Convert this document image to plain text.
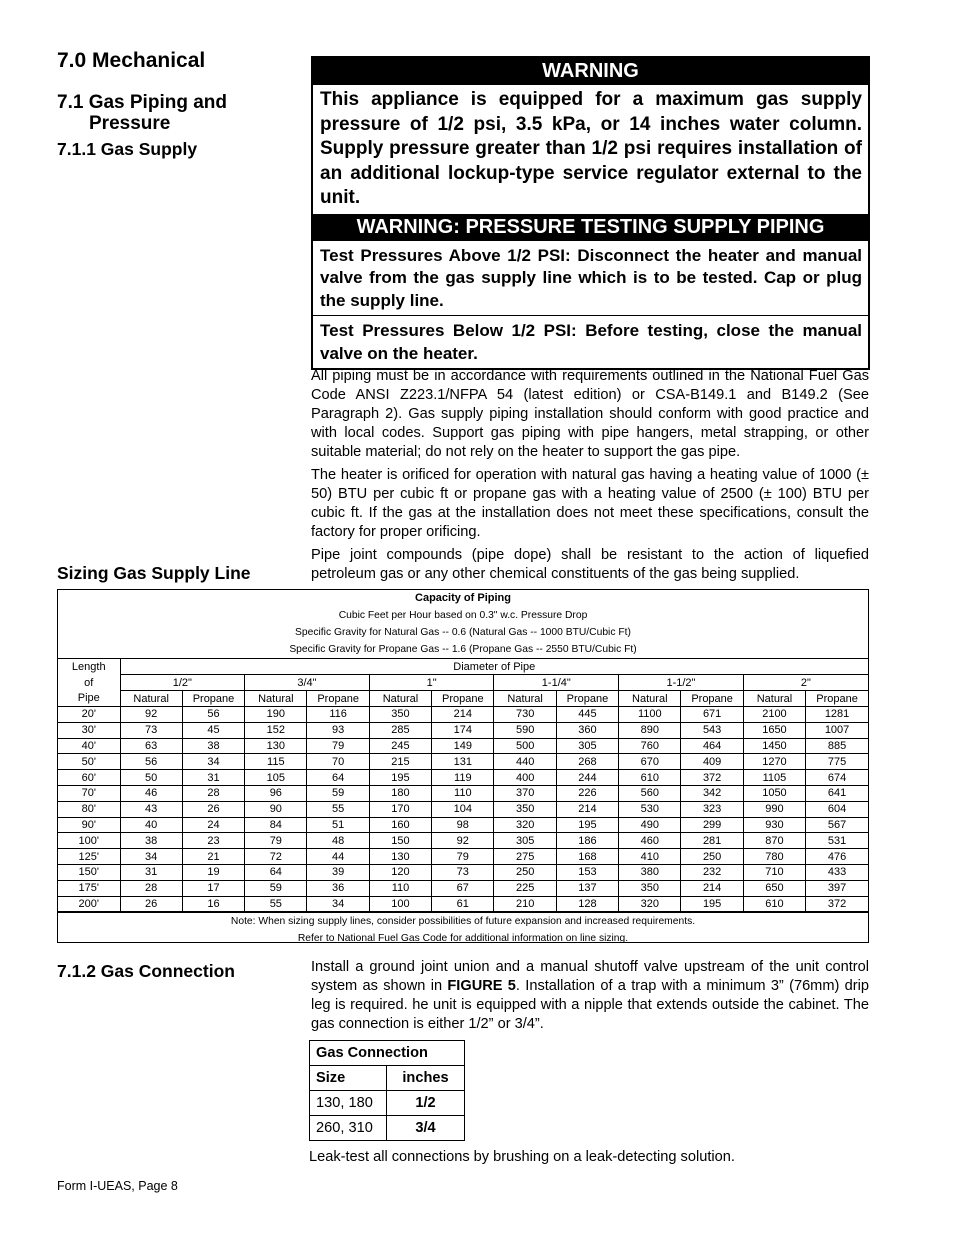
7.0 Mechanical
7.1 Gas Piping and
Pressure
7.1.1 Gas Supply
Sizing Gas Supply Line
7.1.2 Gas Connection
WARNING
This appliance is equipped for a maximum gas supply pressure of 1/2 psi, 3.5 kPa, or 14 inches water column. Supply pressure greater than 1/2 psi requires installation of an additional lockup-type service regulator external to the unit.
WARNING: PRESSURE TESTING SUPPLY PIPING
Test Pressures Above 1/2 PSI: Disconnect the heater and manual valve from the gas supply line which is to be tested. Cap or plug the supply line.
Test Pressures Below 1/2 PSI: Before testing, close the manual valve on the heater.

All piping must be in accordance with requirements outlined in the National Fuel Gas Code ANSI Z223.1/NFPA 54 (latest edition) or CSA-B149.1 and B149.2 (See Paragraph 2). Gas supply piping installation should conform with good practice and with local codes. Support gas piping with pipe hangers, metal strapping, or other suitable material; do not rely on the heater to support the gas pipe.

The heater is orificed for operation with natural gas having a heating value of 1000 (± 50) BTU per cubic ft or propane gas with a heating value of 2500 (± 100) BTU per cubic ft. If the gas at the installation does not meet these specifications, consult the factory for proper orificing.

Pipe joint compounds (pipe dope) shall be resistant to the action of liquefied petroleum gas or any other chemical constituents of the gas being supplied.

Capacity of Piping
Cubic Feet per Hour based on 0.3" w.c. Pressure Drop
Specific Gravity for Natural Gas -- 0.6 (Natural Gas -- 1000 BTU/Cubic Ft)
Specific Gravity for Propane Gas -- 1.6 (Propane Gas -- 2550 BTU/Cubic Ft)
Length	Diameter of Pipe											
of	1/2"		3/4"		1"		1-1/4"		1-1/2"		2"	
Pipe	Natural	Propane	Natural	Propane	Natural	Propane	Natural	Propane	Natural	Propane	Natural	Propane
20'	92	56	190	116	350	214	730	445	1100	671	2100	1281
30'	73	45	152	93	285	174	590	360	890	543	1650	1007
40'	63	38	130	79	245	149	500	305	760	464	1450	885
50'	56	34	115	70	215	131	440	268	670	409	1270	775
60'	50	31	105	64	195	119	400	244	610	372	1105	674
70'	46	28	96	59	180	110	370	226	560	342	1050	641
80'	43	26	90	55	170	104	350	214	530	323	990	604
90'	40	24	84	51	160	98	320	195	490	299	930	567
100'	38	23	79	48	150	92	305	186	460	281	870	531
125'	34	21	72	44	130	79	275	168	410	250	780	476
150'	31	19	64	39	120	73	250	153	380	232	710	433
175'	28	17	59	36	110	67	225	137	350	214	650	397
200'	26	16	55	34	100	61	210	128	320	195	610	372
Note: When sizing supply lines, consider possibilities of future expansion and increased requirements.
Refer to National Fuel Gas Code for additional information on line sizing.
Install a ground joint union and a manual shutoff valve upstream of the unit control system as shown in FIGURE 5. Installation of a trap with a minimum 3” (76mm) drip leg is required. he unit is equipped with a nipple that extends outside the cabinet. The gas connection is either 1/2” or 3/4”.
Gas Connection	
Size	inches
130, 180	1/2
260, 310	3/4
Leak-test all connections by brushing on a leak-detecting solution.
Form I-UEAS, Page 8
